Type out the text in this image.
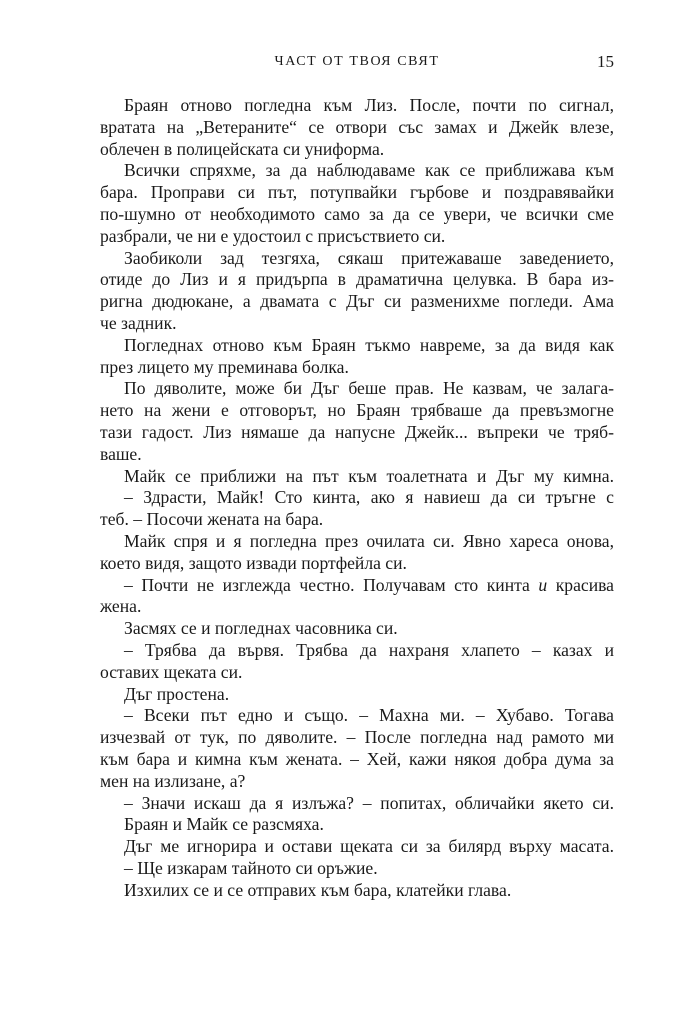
ЧАСТ ОТ ТВОЯ СВЯТ	15
Браян отново погледна към Лиз. После, почти по сигнал,
вратата на „Ветераните“ се отвори със замах и Джейк влезе,
облечен в полицейската си униформа.
Всички спряхме, за да наблюдаваме как се приближава към
бара. Проправи си път, потупвайки гърбове и поздравявайки
по-шумно от необходимото само за да се увери, че всички сме
разбрали, че ни е удостоил с присъствието си.
Заобиколи зад тезгяха, сякаш притежаваше заведението,
отиде до Лиз и я придърпа в драматична целувка. В бара из-
ригна дюдюкане, а двамата с Дъг си разменихме погледи. Ама
че задник.
Погледнах отново към Браян тъкмо навреме, за да видя как
през лицето му преминава болка.
По дяволите, може би Дъг беше прав. Не казвам, че залага-
нето на жени е отговорът, но Браян трябваше да превъзмогне
тази гадост. Лиз нямаше да напусне Джейк... въпреки че тряб-
ваше.
Майк се приближи на път към тоалетната и Дъг му кимна.
– Здрасти, Майк! Сто кинта, ако я навиеш да си тръгне с
теб. – Посочи жената на бара.
Майк спря и я погледна през очилата си. Явно хареса онова,
което видя, защото извади портфейла си.
– Почти не изглежда честно. Получавам сто кинта и красива
жена.
Засмях се и погледнах часовника си.
– Трябва да вървя. Трябва да нахраня хлапето – казах и
оставих щеката си.
Дъг простена.
– Всеки път едно и също. – Махна ми. – Хубаво. Тогава
изчезвай от тук, по дяволите. – После погледна над рамото ми
към бара и кимна към жената. – Хей, кажи някоя добра дума за
мен на излизане, а?
– Значи искаш да я излъжа? – попитах, обличайки якето си.
Браян и Майк се разсмяха.
Дъг ме игнорира и остави щеката си за билярд върху масата.
– Ще изкарам тайното си оръжие.
Изхилих се и се отправих към бара, клатейки глава.
